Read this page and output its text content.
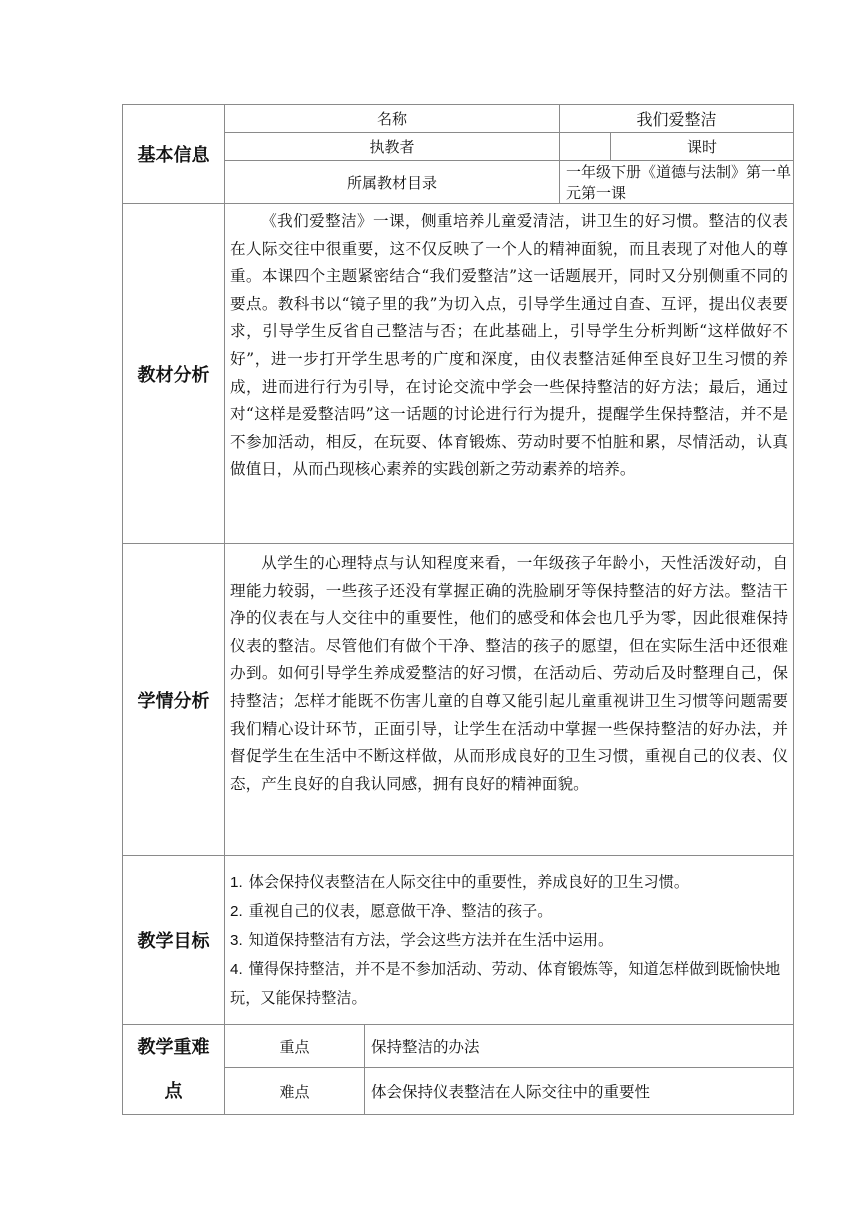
基本信息	名称		我们爱整洁		
	执教者			课时	
	所属教材目录		一年级下册《道德与法制》第一单元第一课		
教材分析	《我们爱整洁》一课，侧重培养儿童爱清洁，讲卫生的好习惯。整洁的仪表在人际交往中很重要，这不仅反映了一个人的精神面貌，而且表现了对他人的尊重。本课四个主题紧密结合“我们爱整洁”这一话题展开，同时又分别侧重不同的要点。教科书以“镜子里的我”为切入点，引导学生通过自查、互评，提出仪表要求，引导学生反省自己整洁与否；在此基础上，引导学生分析判断“这样做好不好”，进一步打开学生思考的广度和深度，由仪表整洁延伸至良好卫生习惯的养成，进而进行行为引导，在讨论交流中学会一些保持整洁的好方法；最后，通过对“这样是爱整洁吗”这一话题的讨论进行行为提升，提醒学生保持整洁，并不是不参加活动，相反，在玩耍、体育锻炼、劳动时要不怕脏和累，尽情活动，认真做值日，从而凸现核心素养的实践创新之劳动素养的培养。				
学情分析	从学生的心理特点与认知程度来看，一年级孩子年龄小，天性活泼好动，自理能力较弱，一些孩子还没有掌握正确的洗脸刷牙等保持整洁的好方法。整洁干净的仪表在与人交往中的重要性，他们的感受和体会也几乎为零，因此很难保持仪表的整洁。尽管他们有做个干净、整洁的孩子的愿望，但在实际生活中还很难办到。如何引导学生养成爱整洁的好习惯，在活动后、劳动后及时整理自己，保持整洁；怎样才能既不伤害儿童的自尊又能引起儿童重视讲卫生习惯等问题需要我们精心设计环节，正面引导，让学生在活动中掌握一些保持整洁的好办法，并督促学生在生活中不断这样做，从而形成良好的卫生习惯，重视自己的仪表、仪态，产生良好的自我认同感，拥有良好的精神面貌。				
教学目标	1. 体会保持仪表整洁在人际交往中的重要性，养成良好的卫生习惯。
2. 重视自己的仪表，愿意做干净、整洁的孩子。
3. 知道保持整洁有方法，学会这些方法并在生活中运用。
4. 懂得保持整洁，并不是不参加活动、劳动、体育锻炼等，知道怎样做到既愉快地玩，又能保持整洁。				

教学重难
点	重点	保持整洁的办法			
	难点	体会保持仪表整洁在人际交往中的重要性			
